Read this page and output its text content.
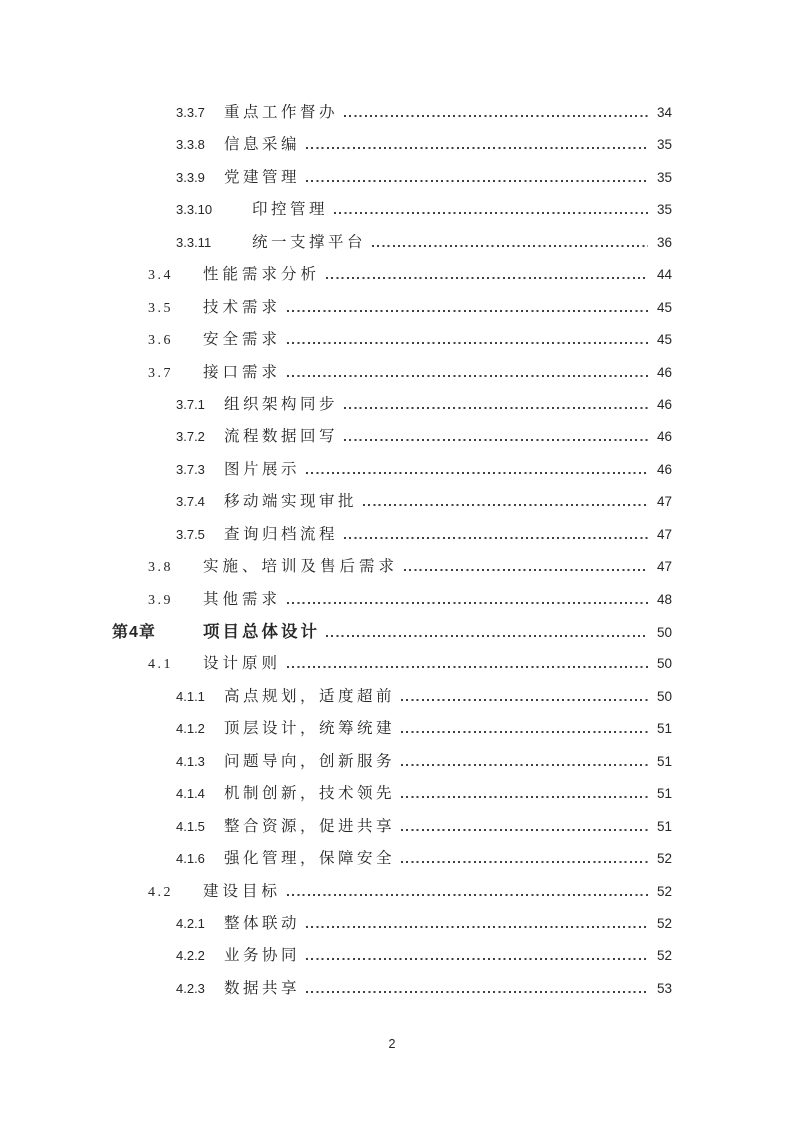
3.3.7	重点工作督办	34
3.3.8	信息采编	35
3.3.9	党建管理	35
3.3.10	印控管理	35
3.3.11	统一支撑平台	36
3.4	性能需求分析	44
3.5	技术需求	45
3.6	安全需求	45
3.7	接口需求	46
3.7.1	组织架构同步	46
3.7.2	流程数据回写	46
3.7.3	图片展示	46
3.7.4	移动端实现审批	47
3.7.5	查询归档流程	47
3.8	实施、培训及售后需求	47
3.9	其他需求	48
第4章	项目总体设计	50
4.1	设计原则	50
4.1.1	高点规划，适度超前	50
4.1.2	顶层设计，统筹统建	51
4.1.3	问题导向，创新服务	51
4.1.4	机制创新，技术领先	51
4.1.5	整合资源，促进共享	51
4.1.6	强化管理，保障安全	52
4.2	建设目标	52
4.2.1	整体联动	52
4.2.2	业务协同	52
4.2.3	数据共享	53
2
